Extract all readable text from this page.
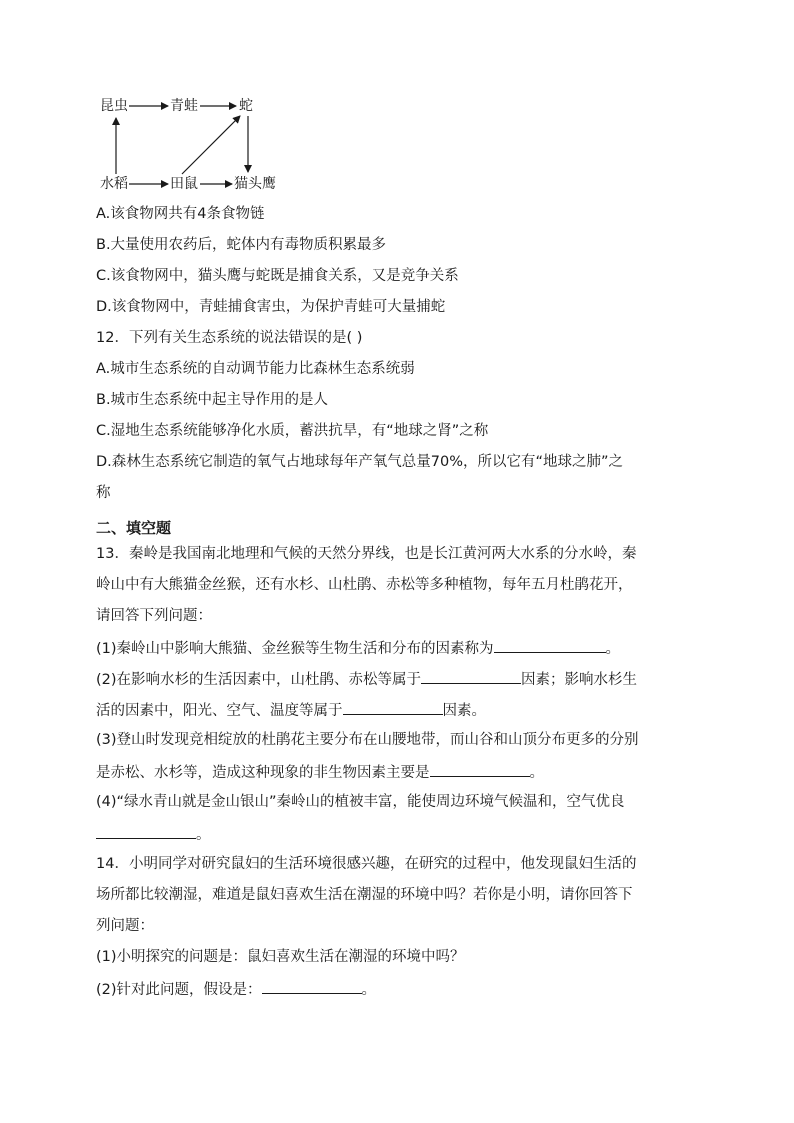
昆虫	青蛙	蛇
水稻	田鼠	猫头鹰
A.该食物网共有4条食物链
B.大量使用农药后，蛇体内有毒物质积累最多
C.该食物网中，猫头鹰与蛇既是捕食关系，又是竞争关系
D.该食物网中，青蛙捕食害虫，为保护青蛙可大量捕蛇
12．下列有关生态系统的说法错误的是( )
A.城市生态系统的自动调节能力比森林生态系统弱
B.城市生态系统中起主导作用的是人
C.湿地生态系统能够净化水质，蓄洪抗旱，有“地球之肾”之称
D.森林生态系统它制造的氧气占地球每年产氧气总量70%，所以它有“地球之肺”之
称
二、填空题
13．秦岭是我国南北地理和气候的天然分界线，也是长江黄河两大水系的分水岭，秦
岭山中有大熊猫金丝猴，还有水杉、山杜鹃、赤松等多种植物，每年五月杜鹃花开，
请回答下列问题：
(1)秦岭山中影响大熊猫、金丝猴等生物生活和分布的因素称为	。
(2)在影响水杉的生活因素中，山杜鹃、赤松等属于	因素；影响水杉生
活的因素中，阳光、空气、温度等属于	因素。
(3)登山时发现竞相绽放的杜鹃花主要分布在山腰地带，而山谷和山顶分布更多的分别
是赤松、水杉等，造成这种现象的非生物因素主要是	。
(4)“绿水青山就是金山银山”秦岭山的植被丰富，能使周边环境气候温和，空气优良
。
14．小明同学对研究鼠妇的生活环境很感兴趣，在研究的过程中，他发现鼠妇生活的
场所都比较潮湿，难道是鼠妇喜欢生活在潮湿的环境中吗？若你是小明，请你回答下
列问题：
(1)小明探究的问题是：鼠妇喜欢生活在潮湿的环境中吗？
(2)针对此问题，假设是：	。
